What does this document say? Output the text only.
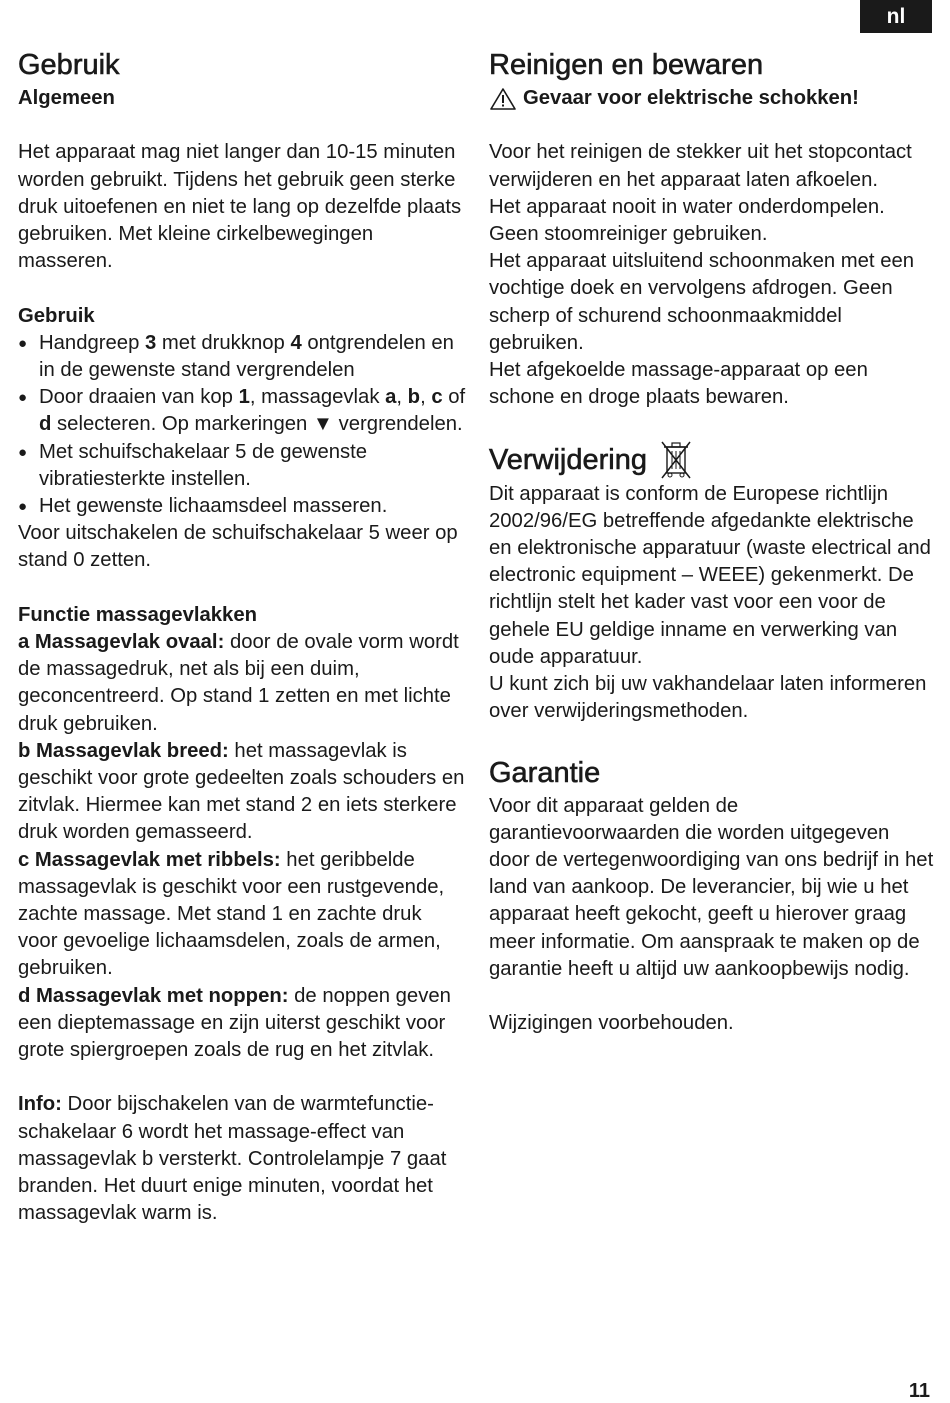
nl
Gebruik
Algemeen

Het apparaat mag niet langer dan 10-15 minuten worden gebruikt. Tijdens het gebruik geen sterke druk uitoefenen en niet te lang op dezelfde plaats gebruiken. Met kleine cirkelbewegingen masseren.

Gebruik
● Handgreep 3 met drukknop 4 ontgrendelen en in de gewenste stand vergrendelen
● Door draaien van kop 1, massagevlak a, b, c of d selecteren. Op markeringen ▼ vergrendelen.
● Met schuifschakelaar 5 de gewenste vibratiesterkte instellen.
● Het gewenste lichaamsdeel masseren.

Voor uitschakelen de schuifschakelaar 5 weer op stand 0 zetten.

Functie massagevlakken

a Massagevlak ovaal: door de ovale vorm wordt de massagedruk, net als bij een duim, geconcentreerd. Op stand 1 zetten en met lichte druk gebruiken.

b Massagevlak breed: het massagevlak is geschikt voor grote gedeelten zoals schouders en zitvlak. Hiermee kan met stand 2 en iets sterkere druk worden gemasseerd.

c Massagevlak met ribbels: het geribbelde massagevlak is geschikt voor een rustgevende, zachte massage. Met stand 1 en zachte druk voor gevoelige lichaamsdelen, zoals de armen, gebruiken.

d Massagevlak met noppen: de noppen geven een dieptemassage en zijn uiterst geschikt voor grote spiergroepen zoals de rug en het zitvlak.

Info: Door bijschakelen van de warmtefunctie-schakelaar 6 wordt het massage-effect van massagevlak b versterkt. Controlelampje 7 gaat branden. Het duurt enige minuten, voordat het massagevlak warm is.

Reinigen en bewaren
Gevaar voor elektrische schokken!

Voor het reinigen de stekker uit het stopcontact verwijderen en het apparaat laten afkoelen.

Het apparaat nooit in water onderdompelen. Geen stoomreiniger gebruiken.

Het apparaat uitsluitend schoonmaken met een vochtige doek en vervolgens afdrogen. Geen scherp of schurend schoonmaakmiddel gebruiken.

Het afgekoelde massage-apparaat op een schone en droge plaats bewaren.

Verwijdering

Dit apparaat is conform de Europese richtlijn 2002/96/EG betreffende afgedankte elektrische en elektronische apparatuur (waste electrical and electronic equipment – WEEE) gekenmerkt. De richtlijn stelt het kader vast voor een voor de gehele EU geldige inname en verwerking van oude apparatuur.

U kunt zich bij uw vakhandelaar laten informeren over verwijderingsmethoden.

Garantie

Voor dit apparaat gelden de garantievoorwaarden die worden uitgegeven door de vertegenwoordiging van ons bedrijf in het land van aankoop. De leverancier, bij wie u het apparaat heeft gekocht, geeft u hierover graag meer informatie. Om aanspraak te maken op de garantie heeft u altijd uw aankoopbewijs nodig.

Wijzigingen voorbehouden.

11
